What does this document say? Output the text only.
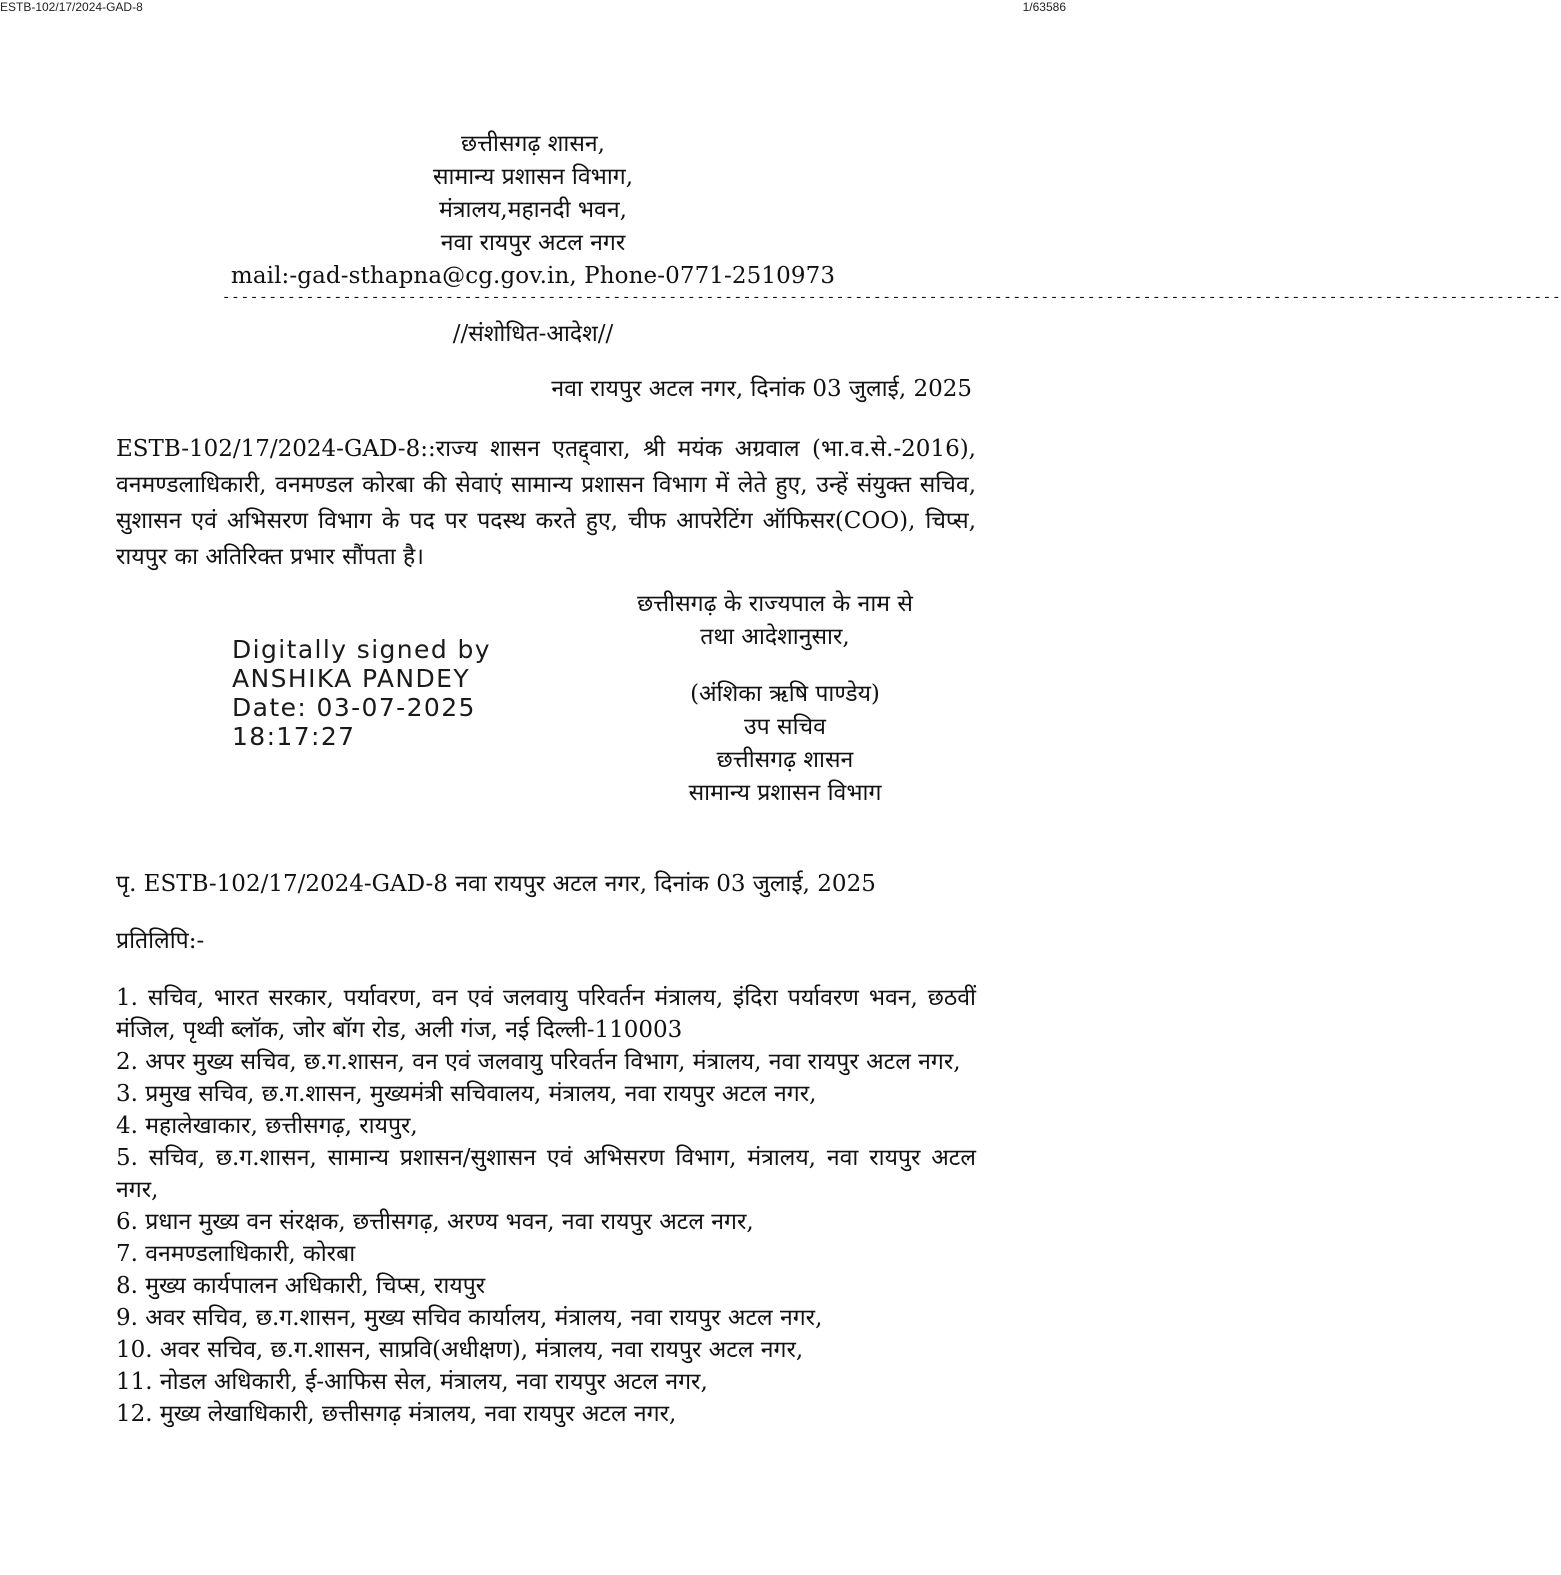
ESTB-102/17/2024-GAD-8	1/63586
छत्तीसगढ़ शासन,
सामान्य प्रशासन विभाग,
मंत्रालय,महानदी भवन,
नवा रायपुर अटल नगर
mail:-gad-sthapna@cg.gov.in, Phone-0771-2510973
------------------------------------------------------------------------------------------------------------------------------------------------
//संशोधित-आदेश//
नवा रायपुर अटल नगर, दिनांक 03 जुलाई, 2025
ESTB-102/17/2024-GAD-8::राज्य शासन एतद्द्वारा, श्री मयंक अग्रवाल (भा.व.से.-2016), वनमण्डलाधिकारी, वनमण्डल कोरबा की सेवाएं सामान्य प्रशासन विभाग में लेते हुए, उन्हें संयुक्त सचिव, सुशासन एवं अभिसरण विभाग के पद पर पदस्थ करते हुए, चीफ आपरेटिंग ऑफिसर(COO), चिप्स, रायपुर का अतिरिक्त प्रभार सौंपता है।
छत्तीसगढ़ के राज्यपाल के नाम से
तथा आदेशानुसार,
Digitally signed by
ANSHIKA PANDEY
Date: 03-07-2025
18:17:27
(अंशिका ऋषि पाण्डेय)
उप सचिव
छत्तीसगढ़ शासन
सामान्य प्रशासन विभाग
पृ. ESTB-102/17/2024-GAD-8 नवा रायपुर अटल नगर, दिनांक 03 जुलाई, 2025
प्रतिलिपि:-
1. सचिव, भारत सरकार, पर्यावरण, वन एवं जलवायु परिवर्तन मंत्रालय, इंदिरा पर्यावरण भवन, छठवीं मंजिल, पृथ्वी ब्लॉक, जोर बॉग रोड, अली गंज, नई दिल्ली-110003
2. अपर मुख्य सचिव, छ.ग.शासन, वन एवं जलवायु परिवर्तन विभाग, मंत्रालय, नवा रायपुर अटल नगर,
3. प्रमुख सचिव, छ.ग.शासन, मुख्यमंत्री सचिवालय, मंत्रालय, नवा रायपुर अटल नगर,
4. महालेखाकार, छत्तीसगढ़, रायपुर,
5. सचिव, छ.ग.शासन, सामान्य प्रशासन/सुशासन एवं अभिसरण विभाग, मंत्रालय, नवा रायपुर अटल नगर,
6. प्रधान मुख्य वन संरक्षक, छत्तीसगढ़, अरण्य भवन, नवा रायपुर अटल नगर,
7. वनमण्डलाधिकारी, कोरबा
8. मुख्य कार्यपालन अधिकारी, चिप्स, रायपुर
9. अवर सचिव, छ.ग.शासन, मुख्य सचिव कार्यालय, मंत्रालय, नवा रायपुर अटल नगर,
10. अवर सचिव, छ.ग.शासन, साप्रवि(अधीक्षण), मंत्रालय, नवा रायपुर अटल नगर,
11. नोडल अधिकारी, ई-आफिस सेल, मंत्रालय, नवा रायपुर अटल नगर,
12. मुख्य लेखाधिकारी, छत्तीसगढ़ मंत्रालय, नवा रायपुर अटल नगर,
